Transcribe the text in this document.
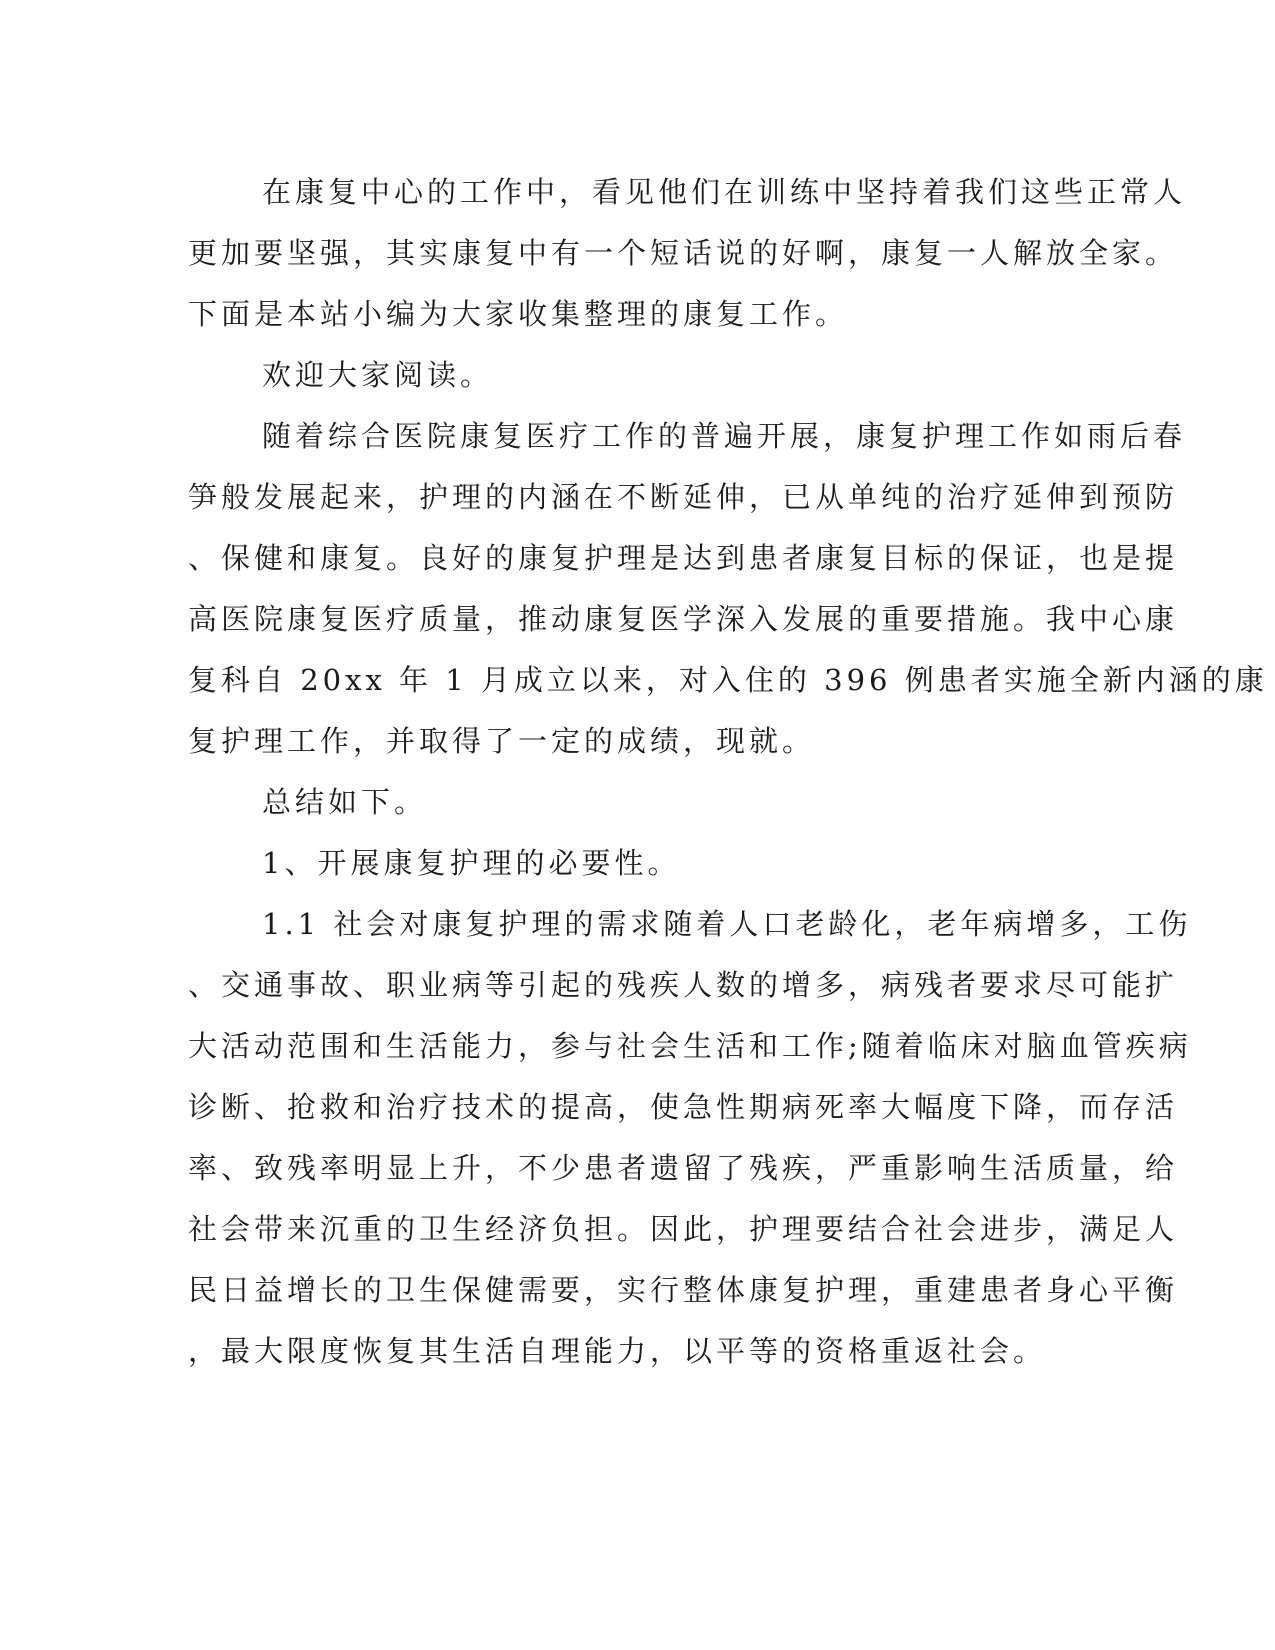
在康复中心的工作中，看见他们在训练中坚持着我们这些正常人
更加要坚强，其实康复中有一个短话说的好啊，康复一人解放全家。
下面是本站小编为大家收集整理的康复工作。
欢迎大家阅读。
随着综合医院康复医疗工作的普遍开展，康复护理工作如雨后春
笋般发展起来，护理的内涵在不断延伸，已从单纯的治疗延伸到预防
、保健和康复。良好的康复护理是达到患者康复目标的保证，也是提
高医院康复医疗质量，推动康复医学深入发展的重要措施。我中心康
复科自 20xx 年 1 月成立以来，对入住的 396 例患者实施全新内涵的康
复护理工作，并取得了一定的成绩，现就。
总结如下。
1、开展康复护理的必要性。
1.1 社会对康复护理的需求随着人口老龄化，老年病增多，工伤
、交通事故、职业病等引起的残疾人数的增多，病残者要求尽可能扩
大活动范围和生活能力，参与社会生活和工作;随着临床对脑血管疾病
诊断、抢救和治疗技术的提高，使急性期病死率大幅度下降，而存活
率、致残率明显上升，不少患者遗留了残疾，严重影响生活质量，给
社会带来沉重的卫生经济负担。因此，护理要结合社会进步，满足人
民日益增长的卫生保健需要，实行整体康复护理，重建患者身心平衡
，最大限度恢复其生活自理能力，以平等的资格重返社会。
